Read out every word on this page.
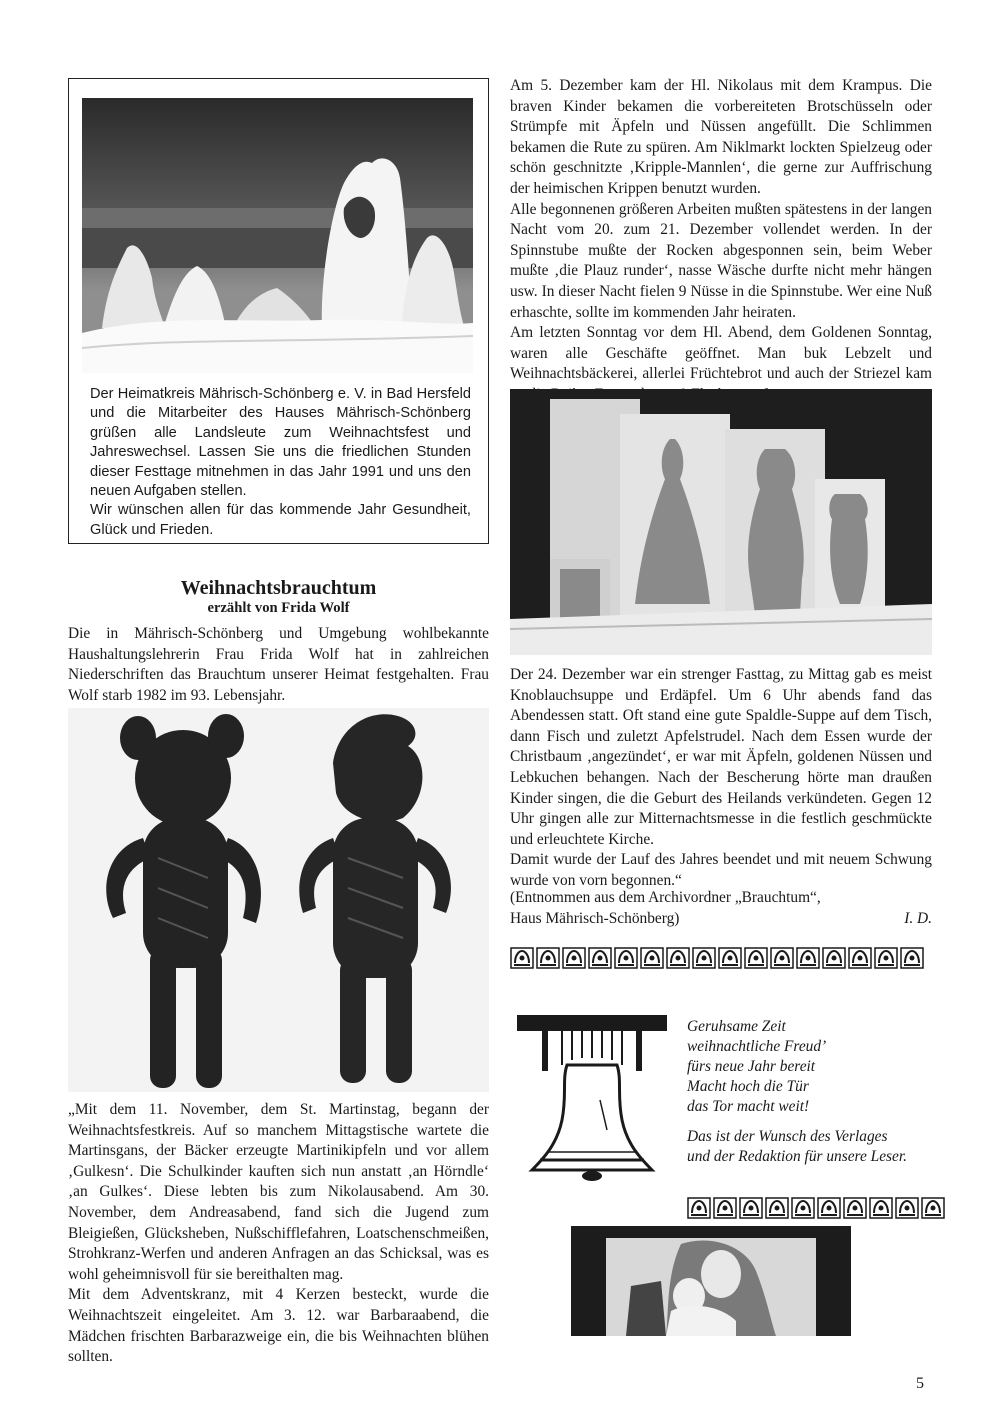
Der Heimatkreis Mährisch-Schönberg e. V. in Bad Hersfeld und die Mitarbeiter des Hauses Mährisch-Schönberg grüßen alle Landsleute zum Weihnachtsfest und Jahreswechsel. Lassen Sie uns die friedlichen Stunden dieser Festtage mitnehmen in das Jahr 1991 und uns den neuen Aufgaben stellen.

Wir wünschen allen für das kommende Jahr Gesundheit, Glück und Frieden.

Weihnachtsbrauchtum
erzählt von Frida Wolf

Die in Mährisch-Schönberg und Umgebung wohlbekannte Haushaltungslehrerin Frau Frida Wolf hat in zahlreichen Niederschriften das Brauchtum unserer Heimat festgehalten. Frau Wolf starb 1982 im 93. Lebensjahr.

„Mit dem 11. November, dem St. Martinstag, begann der Weihnachtsfestkreis. Auf so manchem Mittagstische wartete die Martinsgans, der Bäcker erzeugte Martinikipfeln und vor allem ‚Gulkesn‘. Die Schulkinder kauften sich nun anstatt ‚an Hörndle‘ ‚an Gulkes‘. Diese lebten bis zum Nikolausabend. Am 30. November, dem Andreasabend, fand sich die Jugend zum Bleigießen, Glücksheben, Nußschifflefahren, Loatschenschmeißen, Strohkranz-Werfen und anderen Anfragen an das Schicksal, was es wohl geheimnisvoll für sie bereithalten mag.

Mit dem Adventskranz, mit 4 Kerzen besteckt, wurde die Weihnachtszeit eingeleitet. Am 3. 12. war Barbaraabend, die Mädchen frischten Barbarazweige ein, die bis Weihnachten blühen sollten.

Am 5. Dezember kam der Hl. Nikolaus mit dem Krampus. Die braven Kinder bekamen die vorbereiteten Brotschüsseln oder Strümpfe mit Äpfeln und Nüssen angefüllt. Die Schlimmen bekamen die Rute zu spüren. Am Niklmarkt lockten Spielzeug oder schön geschnitzte ‚Kripple-Mannlen‘, die gerne zur Auffrischung der heimischen Krippen benutzt wurden.

Alle begonnenen größeren Arbeiten mußten spätestens in der langen Nacht vom 20. zum 21. Dezember vollendet werden. In der Spinnstube mußte der Rocken abgesponnen sein, beim Weber mußte ‚die Plauz runder‘, nasse Wäsche durfte nicht mehr hängen usw. In dieser Nacht fielen 9 Nüsse in die Spinnstube. Wer eine Nuß erhaschte, sollte im kommenden Jahr heiraten.

Am letzten Sonntag vor dem Hl. Abend, dem Goldenen Sonntag, waren alle Geschäfte geöffnet. Man buk Lebzelt und Weihnachtsbäckerei, allerlei Früchtebrot und auch der Striezel kam

Der 24. Dezember war ein strenger Fasttag, zu Mittag gab es meist Knoblauchsuppe und Erdäpfel. Um 6 Uhr abends fand das Abendessen statt. Oft stand eine gute Spaldle-Suppe auf dem Tisch, dann Fisch und zuletzt Apfelstrudel. Nach dem Essen wurde der Christbaum ‚angezündet‘, er war mit Äpfeln, goldenen Nüssen und Lebkuchen behangen. Nach der Bescherung hörte man draußen Kinder singen, die die Geburt des Heilands verkündeten. Gegen 12 Uhr gingen alle zur Mitternachtsmesse in die festlich geschmückte und erleuchtete Kirche.

Damit wurde der Lauf des Jahres beendet und mit neuem Schwung wurde von vorn begonnen.“

(Entnommen aus dem Archivordner „Brauchtum“,
Haus Mährisch-Schönberg)	I. D.

Geruhsame Zeit

weihnachtliche Freud’

fürs neue Jahr bereit

Macht hoch die Tür

das Tor macht weit!

Das ist der Wunsch des Verlages

und der Redaktion für unsere Leser.

5
